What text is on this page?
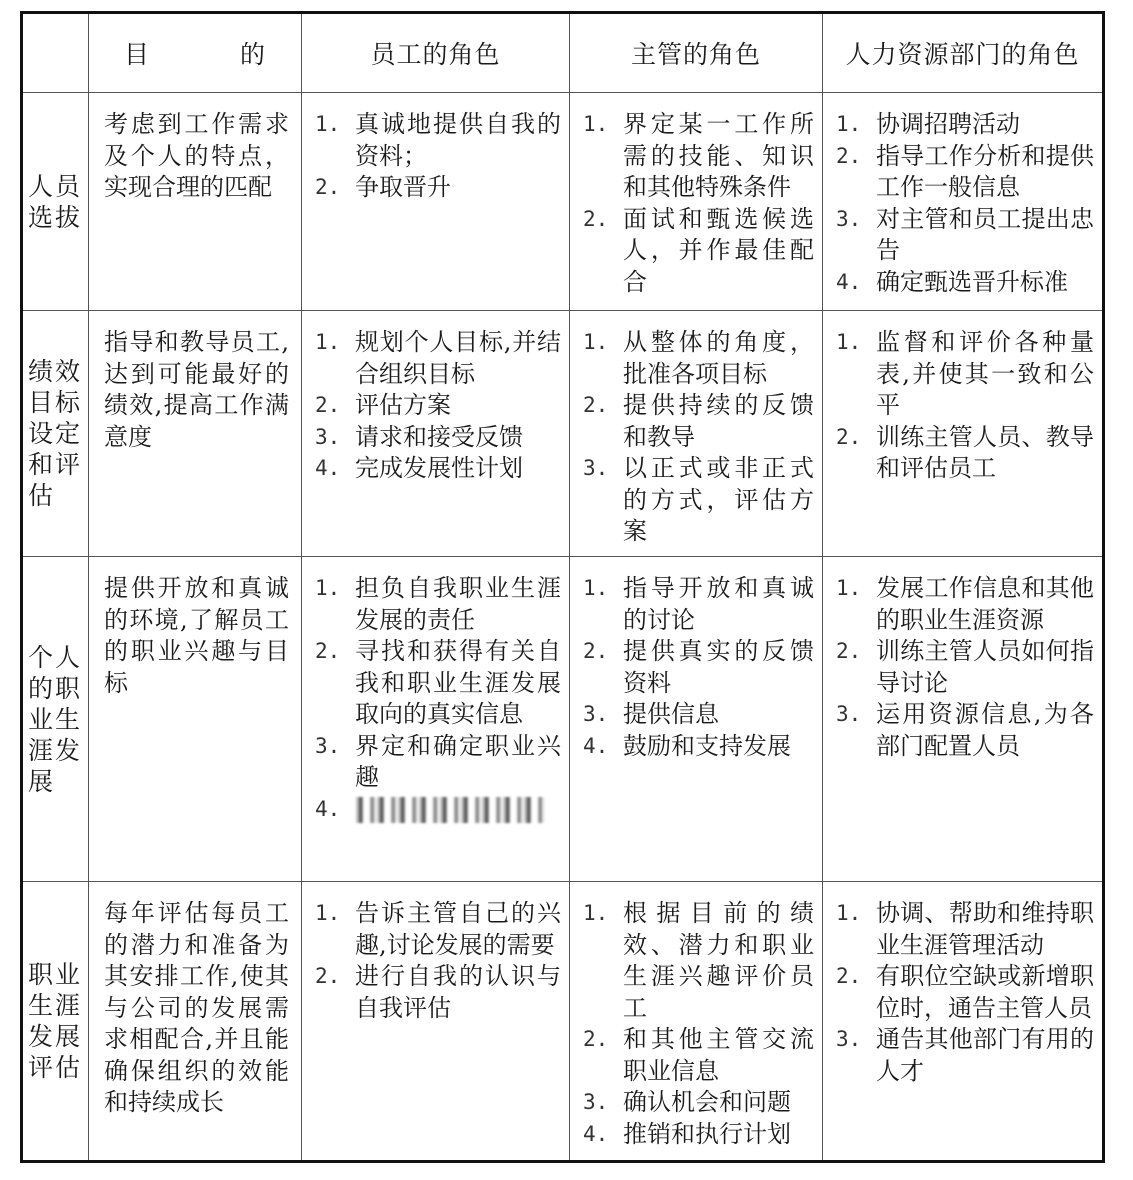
	目 的	员工的角色	主管的角色	人力资源部门的角色

人员选拔
	考虑到工作需求及个人的特点，实现合理的匹配	
1. 真诚地提供自我的资料；
2. 争取晋升

1. 界定某一工作所需的技能、知识和其他特殊条件
2. 面试和甄选候选人，并作最佳配合

1. 协调招聘活动
2. 指导工作分析和提供工作一般信息
3. 对主管和员工提出忠告
4. 确定甄选晋升标准

绩效目标设定和评估
	指导和教导员工,达到可能最好的绩效,提高工作满意度	
1. 规划个人目标,并结合组织目标
2. 评估方案
3. 请求和接受反馈
4. 完成发展性计划

1. 从整体的角度，批准各项目标
2. 提供持续的反馈和教导
3. 以正式或非正式的方式，评估方案

1. 监督和评价各种量表,并使其一致和公平
2. 训练主管人员、教导和评估员工

个人的职业生涯发展
	提供开放和真诚的环境,了解员工的职业兴趣与目标	
1. 担负自我职业生涯发展的责任
2. 寻找和获得有关自我和职业生涯发展取向的真实信息
3. 界定和确定职业兴趣
4.

1. 指导开放和真诚的讨论
2. 提供真实的反馈资料
3. 提供信息
4. 鼓励和支持发展

1. 发展工作信息和其他的职业生涯资源
2. 训练主管人员如何指导讨论
3. 运用资源信息,为各部门配置人员

职业生涯发展评估
	每年评估每员工的潜力和准备为其安排工作,使其与公司的发展需求相配合,并且能确保组织的效能和持续成长	
1. 告诉主管自己的兴趣,讨论发展的需要
2. 进行自我的认识与自我评估

1. 根据目前的绩效、潜力和职业生涯兴趣评价员工
2. 和其他主管交流职业信息
3. 确认机会和问题
4. 推销和执行计划

1. 协调、帮助和维持职业生涯管理活动
2. 有职位空缺或新增职位时，通告主管人员
3. 通告其他部门有用的人才
